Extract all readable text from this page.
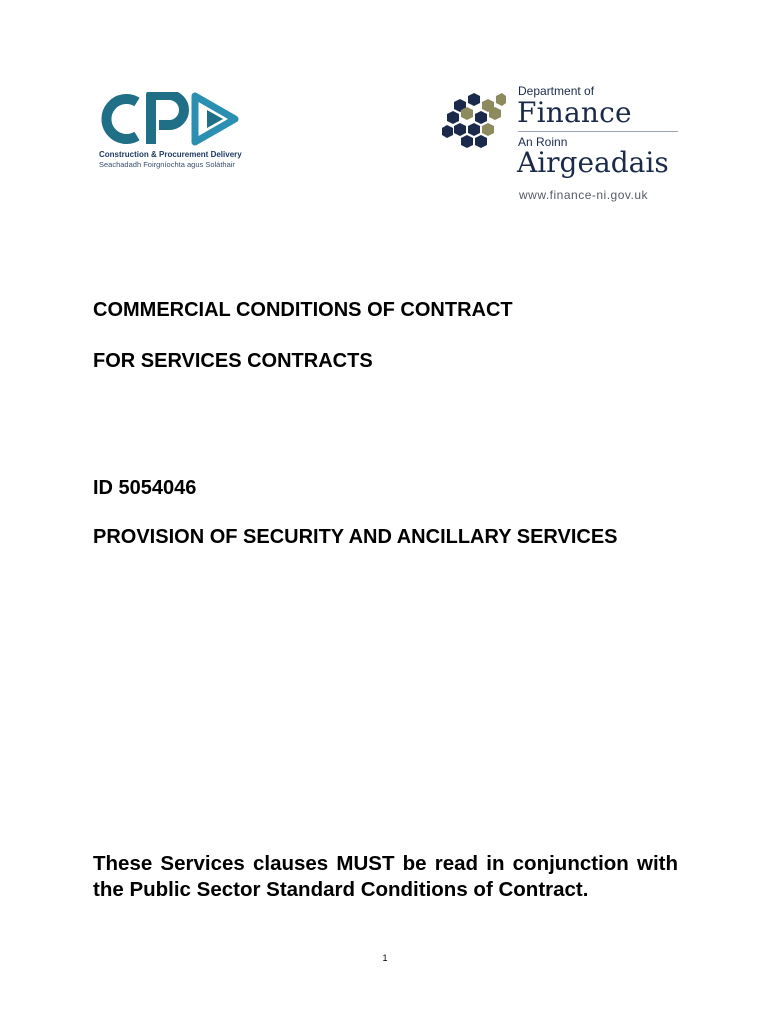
Construction & Procurement Delivery
Seachadadh Foirgníochta agus Soláthair
Department of
Finance
An Roinn
Airgeadais
www.finance-ni.gov.uk
COMMERCIAL CONDITIONS OF CONTRACT
FOR SERVICES CONTRACTS
ID 5054046
PROVISION OF SECURITY AND ANCILLARY SERVICES
These Services clauses MUST be read in conjunction with the Public Sector Standard Conditions of Contract.
1
